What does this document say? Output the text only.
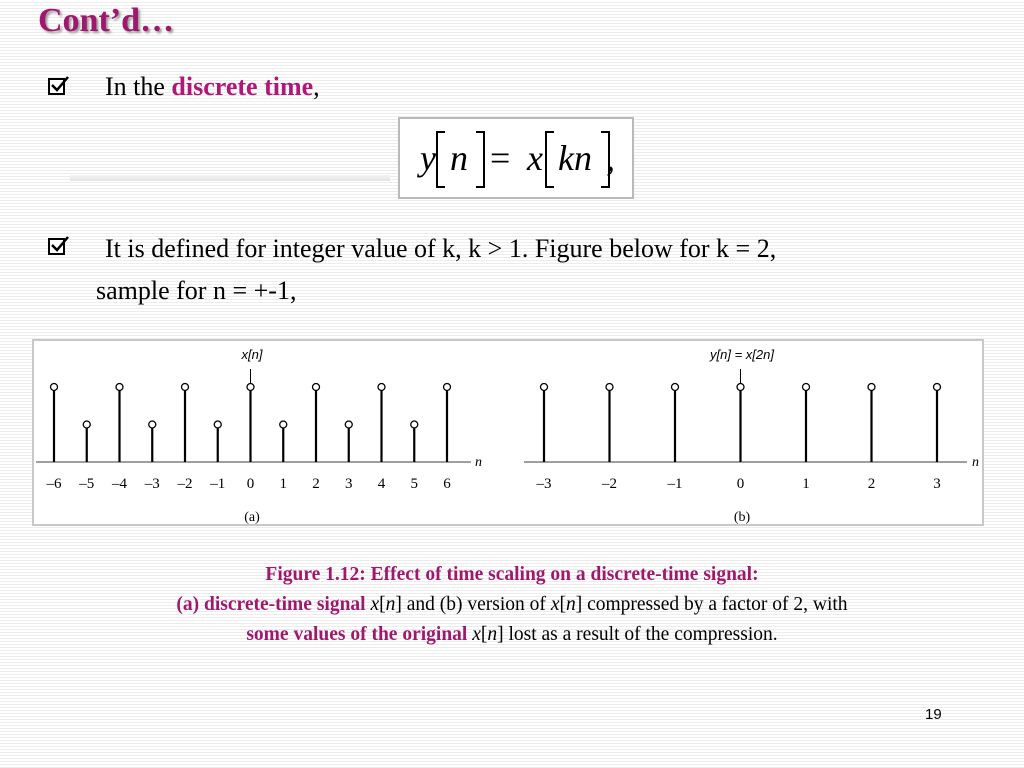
Cont’d…
In the discrete time,
y n x kn
=	,
It is defined for integer value of k, k > 1. Figure below for k = 2,
sample for n = +-1,
x[n]
n
(a)
y[n] = x[2n]
n
(b)
–6 –5 –4 –3 –2 –1 0 1 2 3 4 5 6	–3	–2	–1	0	1	2	3

Figure 1.12: Effect of time scaling on a discrete-time signal:

(a) discrete-time signal x[n] and (b) version of x[n] compressed by a factor of 2, with

some values of the original x[n] lost as a result of the compression.

19
